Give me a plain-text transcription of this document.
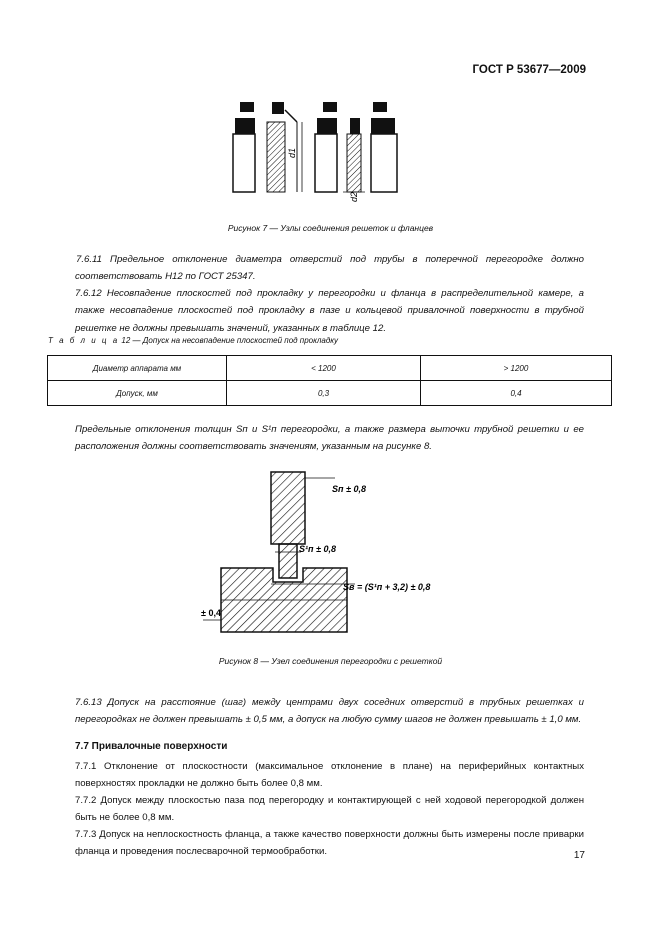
ГОСТ Р 53677—2009
d1
d2
Рисунок 7 — Узлы соединения решеток и фланцев
7.6.11 Предельное отклонение диаметра отверстий под трубы в поперечной перегородке должно соответствовать Н12 по ГОСТ 25347.
7.6.12 Несовпадение плоскостей под прокладку у перегородки и фланца в распределительной камере, а также несовпадение плоскостей под прокладку в пазе и кольцевой привалочной поверхности в трубной решетке не должны превышать значений, указанных в таблице 12.
Т а б л и ц а 12 — Допуск на несовпадение плоскостей под прокладку
Диаметр аппарата мм	< 1200	> 1200
Допуск, мм	0,3	0,4
Предельные отклонения толщин Sп и S¹п перегородки, а также размера выточки трубной решетки и ее расположения должны соответствовать значениям, указанным на рисунке 8.
Sп ± 0,8
S¹п ± 0,8
± 0,4
Sв = (S¹п + 3,2) ± 0,8
Рисунок 8 — Узел соединения перегородки с решеткой
7.6.13 Допуск на расстояние (шаг) между центрами двух соседних отверстий в трубных решетках и перегородках не должен превышать ± 0,5 мм, а допуск на любую сумму шагов не должен превышать ± 1,0 мм.
7.7 Привалочные поверхности
7.7.1 Отклонение от плоскостности (максимальное отклонение в плане) на периферийных контактных поверхностях прокладки не должно быть более 0,8 мм.
7.7.2 Допуск между плоскостью паза под перегородку и контактирующей с ней ходовой перегородкой должен быть не более 0,8 мм.
7.7.3 Допуск на неплоскостность фланца, а также качество поверхности должны быть измерены после приварки фланца и проведения послесварочной термообработки.	17
